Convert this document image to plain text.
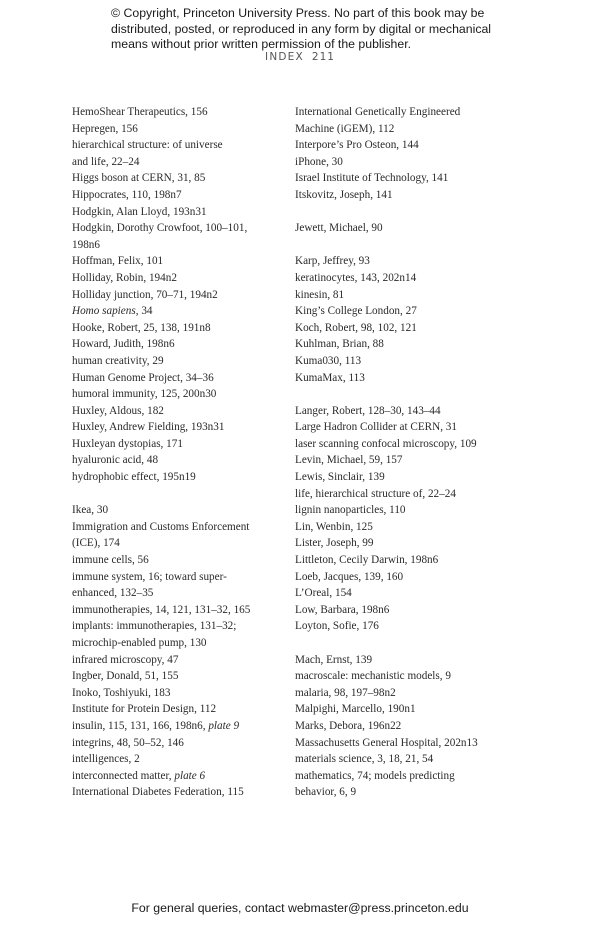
© Copyright, Princeton University Press. No part of this book may be
distributed, posted, or reproduced in any form by digital or mechanical
means without prior written permission of the publisher.
INDEX 211
HemoShear Therapeutics, 156
Hepregen, 156
hierarchical structure: of universe
and life, 22–24
Higgs boson at CERN, 31, 85
Hippocrates, 110, 198n7
Hodgkin, Alan Lloyd, 193n31
Hodgkin, Dorothy Crowfoot, 100–101,
198n6
Hoffman, Felix, 101
Holliday, Robin, 194n2
Holliday junction, 70–71, 194n2
Homo sapiens, 34
Hooke, Robert, 25, 138, 191n8
Howard, Judith, 198n6
human creativity, 29
Human Genome Project, 34–36
humoral immunity, 125, 200n30
Huxley, Aldous, 182
Huxley, Andrew Fielding, 193n31
Huxleyan dystopias, 171
hyaluronic acid, 48
hydrophobic effect, 195n19
Ikea, 30
Immigration and Customs Enforcement
(ICE), 174
immune cells, 56
immune system, 16; toward super-
enhanced, 132–35
immunotherapies, 14, 121, 131–32, 165
implants: immunotherapies, 131–32;
microchip-enabled pump, 130
infrared microscopy, 47
Ingber, Donald, 51, 155
Inoko, Toshiyuki, 183
Institute for Protein Design, 112
insulin, 115, 131, 166, 198n6, plate 9
integrins, 48, 50–52, 146
intelligences, 2
interconnected matter, plate 6
International Diabetes Federation, 115
International Genetically Engineered
Machine (iGEM), 112
Interpore’s Pro Osteon, 144
iPhone, 30
Israel Institute of Technology, 141
Itskovitz, Joseph, 141
Jewett, Michael, 90
Karp, Jeffrey, 93
keratinocytes, 143, 202n14
kinesin, 81
King’s College London, 27
Koch, Robert, 98, 102, 121
Kuhlman, Brian, 88
Kuma030, 113
KumaMax, 113
Langer, Robert, 128–30, 143–44
Large Hadron Collider at CERN, 31
laser scanning confocal microscopy, 109
Levin, Michael, 59, 157
Lewis, Sinclair, 139
life, hierarchical structure of, 22–24
lignin nanoparticles, 110
Lin, Wenbin, 125
Lister, Joseph, 99
Littleton, Cecily Darwin, 198n6
Loeb, Jacques, 139, 160
L’Oreal, 154
Low, Barbara, 198n6
Loyton, Sofie, 176
Mach, Ernst, 139
macroscale: mechanistic models, 9
malaria, 98, 197–98n2
Malpighi, Marcello, 190n1
Marks, Debora, 196n22
Massachusetts General Hospital, 202n13
materials science, 3, 18, 21, 54
mathematics, 74; models predicting
behavior, 6, 9
For general queries, contact webmaster@press.princeton.edu
